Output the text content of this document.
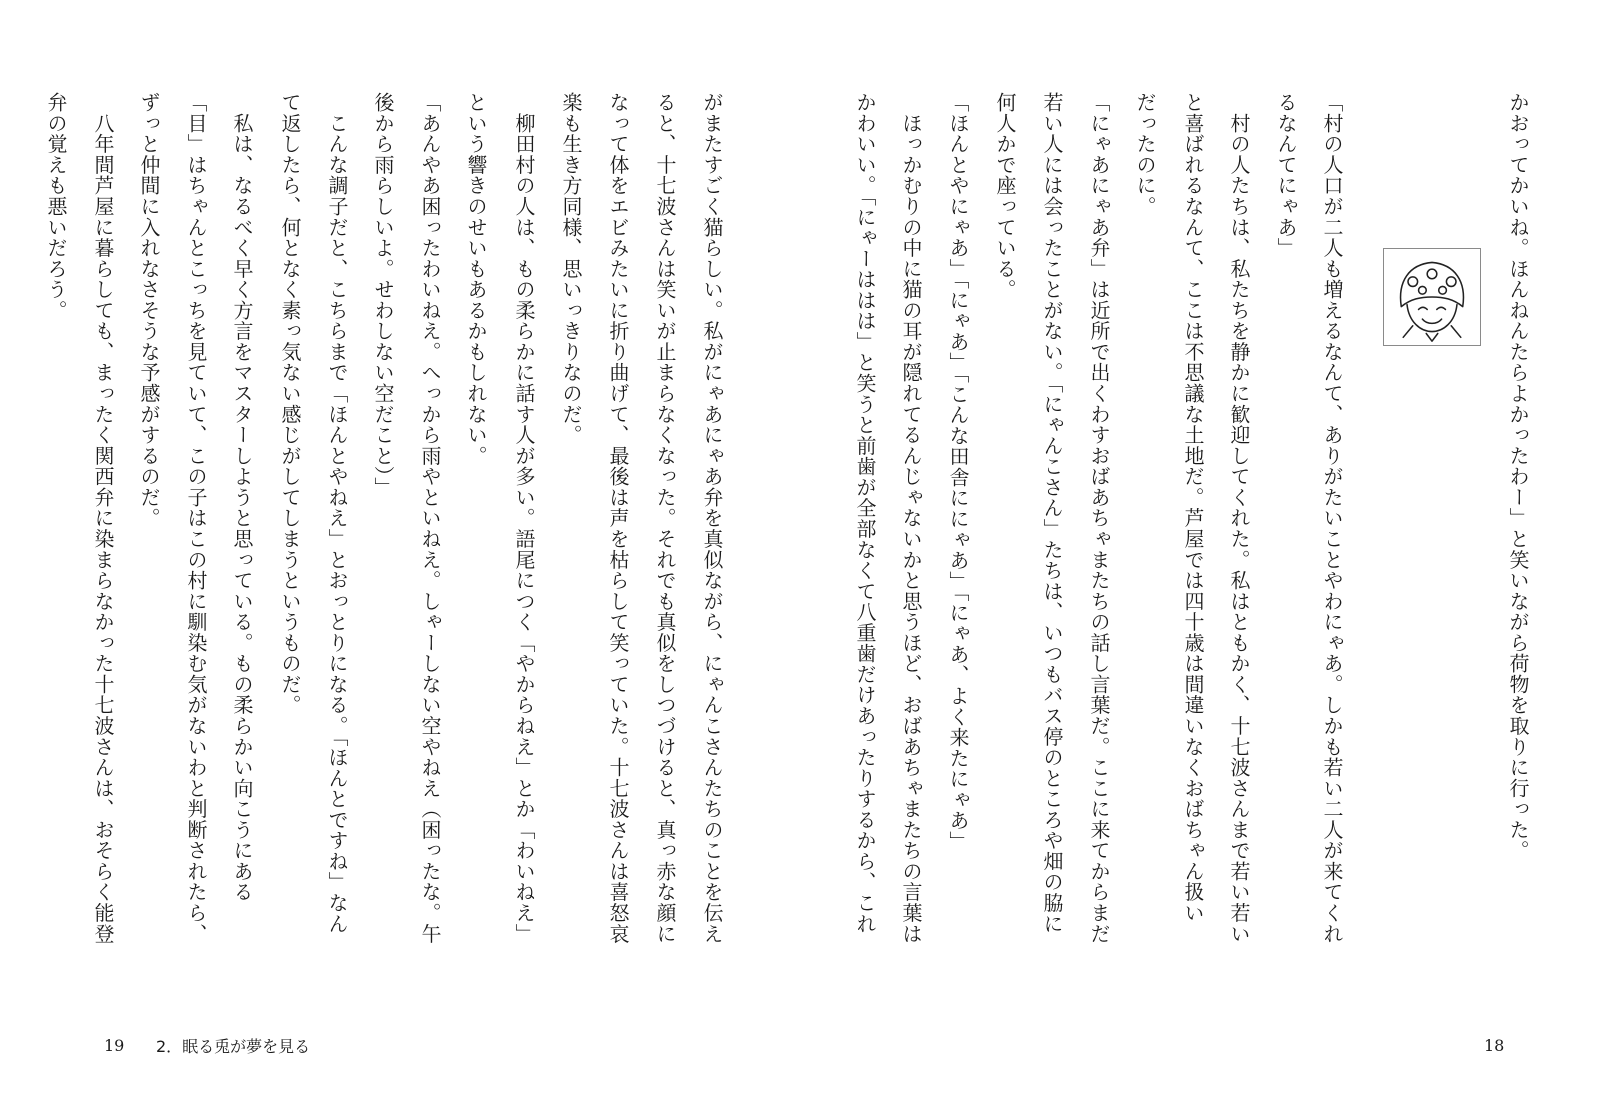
かおってかいね。ほんねんたらよかったわー」と笑いながら荷物を取りに行った。
「村の人口が二人も増えるなんて、ありがたいことやわにゃあ。しかも若い二人が来てくれ
るなんてにゃあ」
　村の人たちは、私たちを静かに歓迎してくれた。私はともかく、十七波さんまで若い若い
と喜ばれるなんて、ここは不思議な土地だ。芦屋では四十歳は間違いなくおばちゃん扱い
だったのに。
「にゃあにゃあ弁」は近所で出くわすおばあちゃまたちの話し言葉だ。ここに来てからまだ
若い人には会ったことがない。「にゃんこさん」たちは、いつもバス停のところや畑の脇に
何人かで座っている。
「ほんとやにゃあ」「にゃあ」「こんな田舎ににゃあ」「にゃあ、よく来たにゃあ」
　ほっかむりの中に猫の耳が隠れてるんじゃないかと思うほど、おばあちゃまたちの言葉は
かわいい。「にゃーははは」と笑うと前歯が全部なくて八重歯だけあったりするから、これ
18
がまたすごく猫らしい。私がにゃあにゃあ弁を真似ながら、にゃんこさんたちのことを伝え
ると、十七波さんは笑いが止まらなくなった。それでも真似をしつづけると、真っ赤な顔に
なって体をエビみたいに折り曲げて、最後は声を枯らして笑っていた。十七波さんは喜怒哀
楽も生き方同様、思いっきりなのだ。
　柳田村の人は、もの柔らかに話す人が多い。語尾につく「やからねえ」とか「わいねえ」
という響きのせいもあるかもしれない。
「あんやあ困ったわいねえ。へっから雨やといねえ。しゃーしない空やねえ（困ったな。午
後から雨らしいよ。せわしない空だこと）」
　こんな調子だと、こちらまで「ほんとやねえ」とおっとりになる。「ほんとですね」なん
て返したら、何となく素っ気ない感じがしてしまうというものだ。
　私は、なるべく早く方言をマスターしようと思っている。もの柔らかい向こうにある
「目」はちゃんとこっちを見ていて、この子はこの村に馴染む気がないわと判断されたら、
ずっと仲間に入れなさそうな予感がするのだ。
　八年間芦屋に暮らしても、まったく関西弁に染まらなかった十七波さんは、おそらく能登
弁の覚えも悪いだろう。
19 2．眠る兎が夢を見る
